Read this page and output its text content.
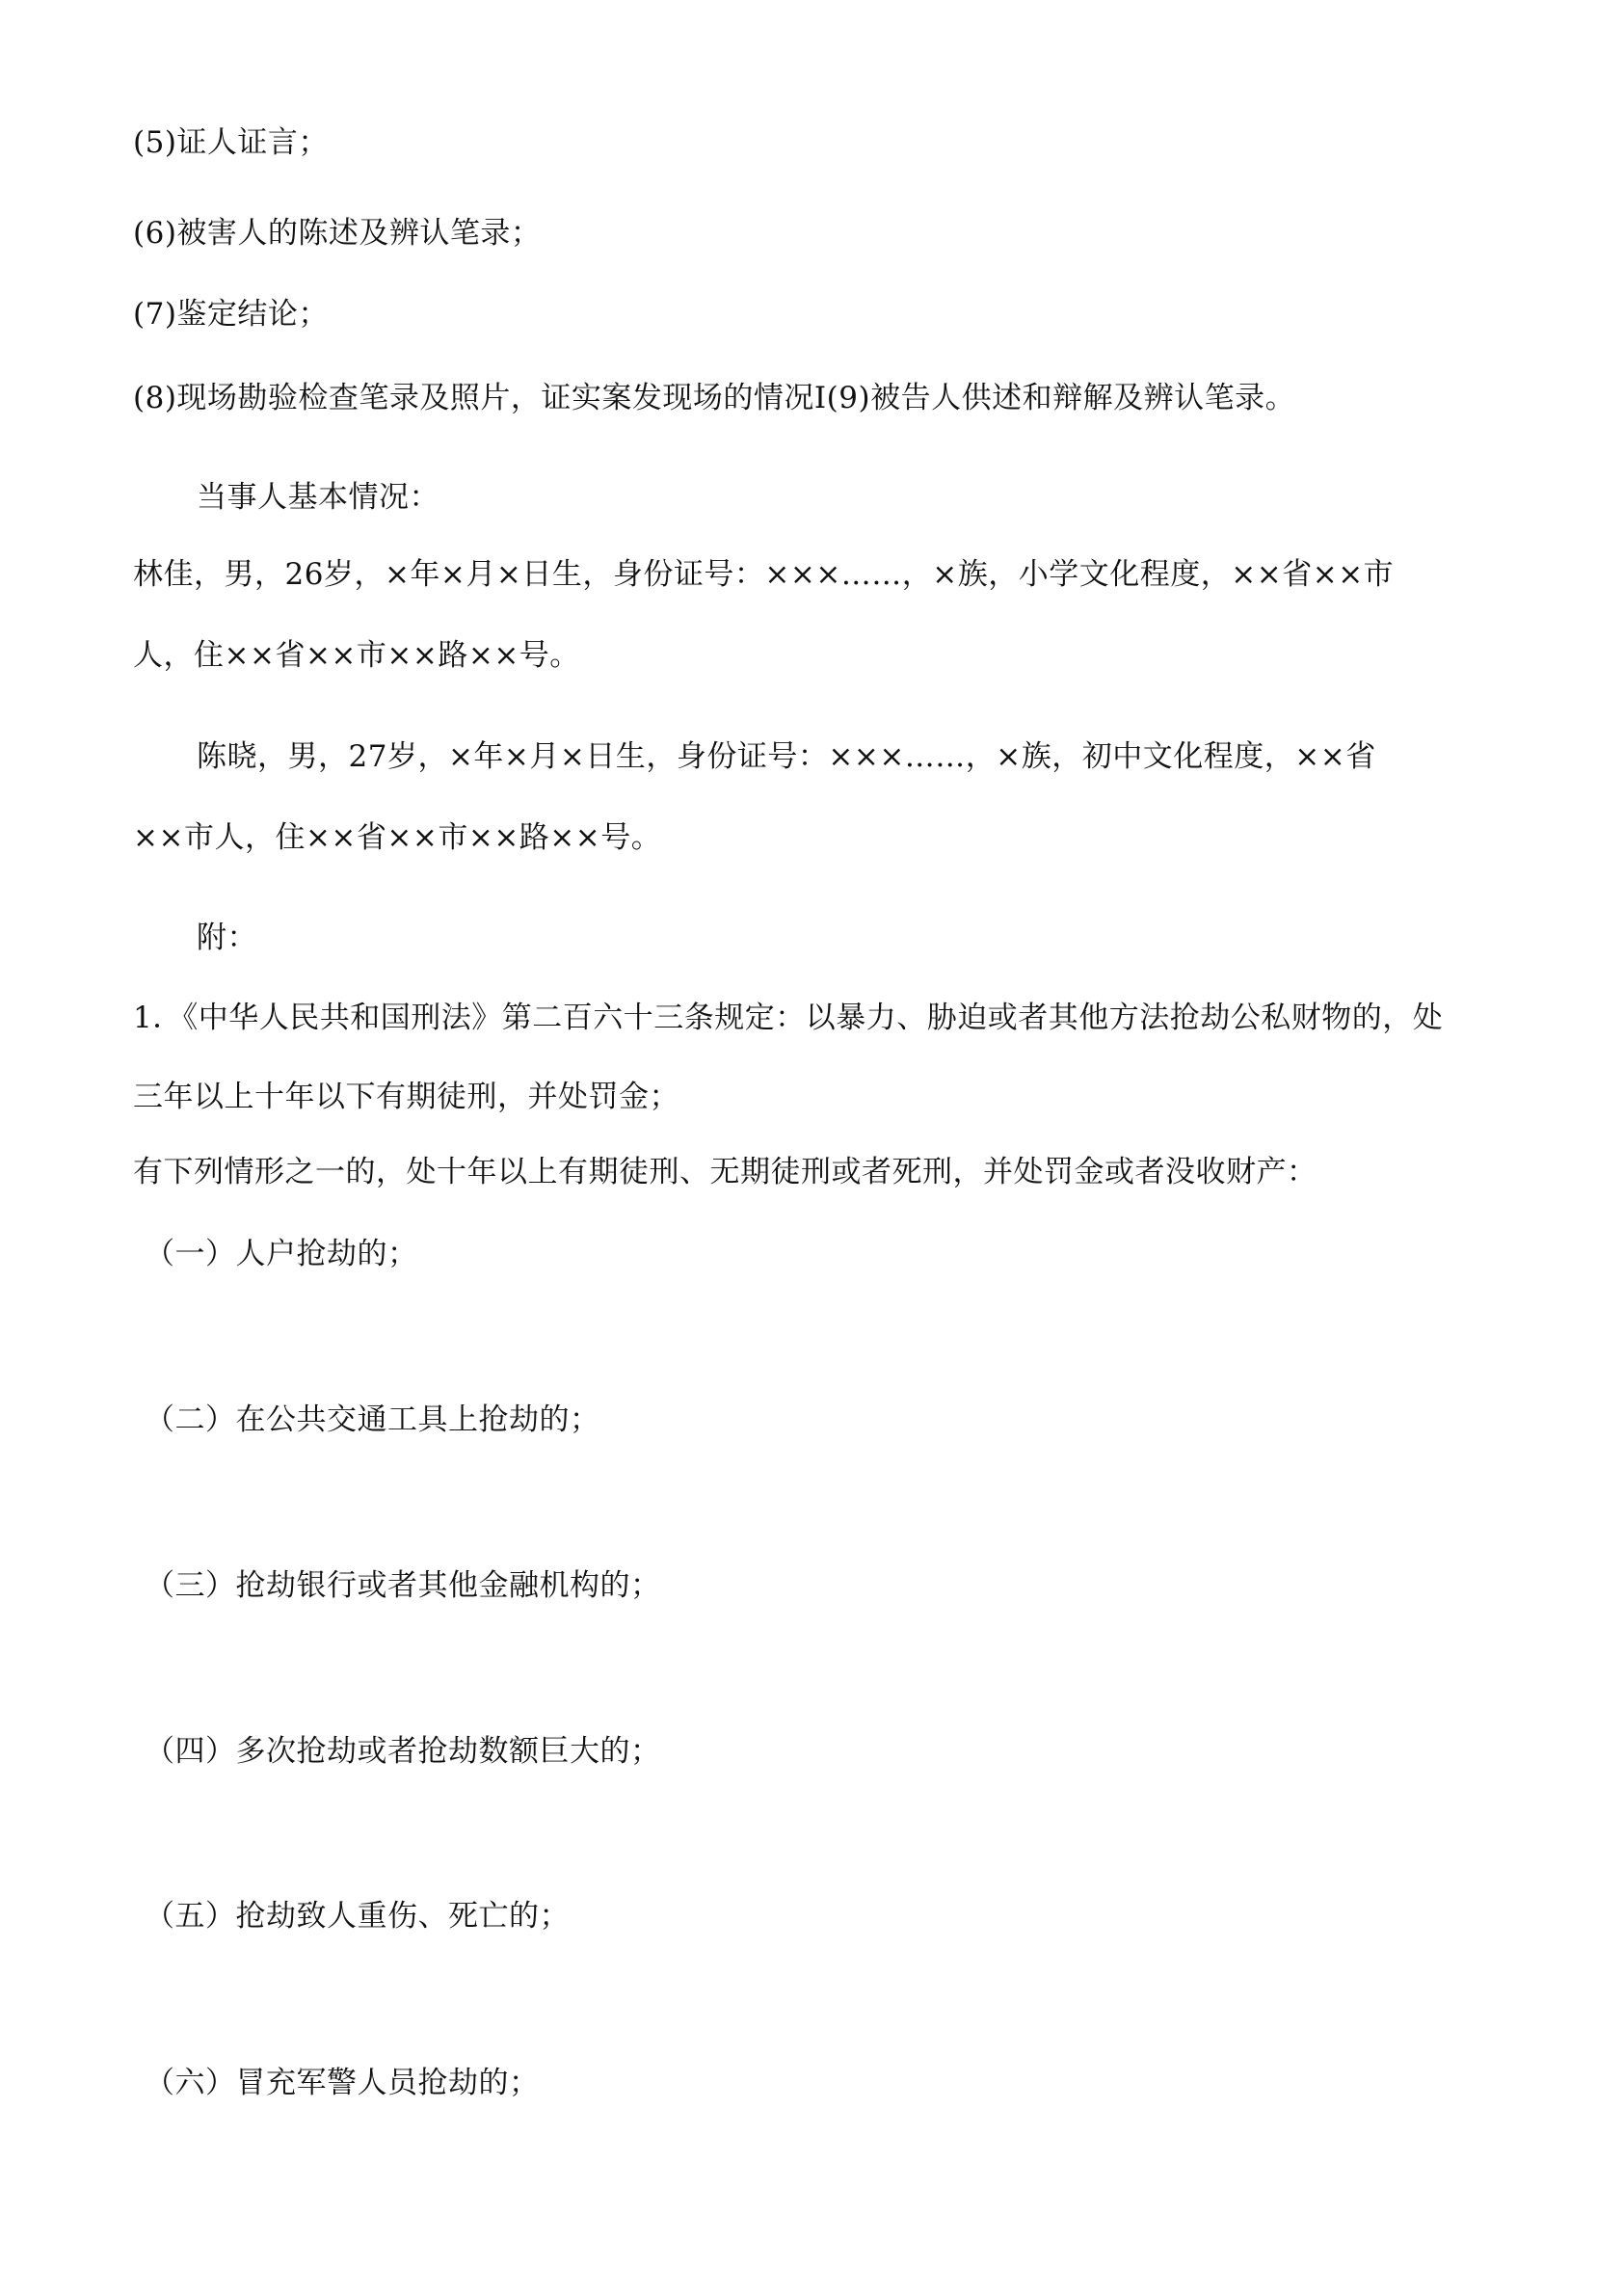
(5)证人证言；
(6)被害人的陈述及辨认笔录；
(7)鉴定结论；
(8)现场勘验检查笔录及照片，证实案发现场的情况Ⅰ(9)被告人供述和辩解及辨认笔录。
当事人基本情况：
林佳，男，26岁，×年×月×日生，身份证号：×××……，×族，小学文化程度，××省××市
人，住××省××市××路××号。
陈晓，男，27岁，×年×月×日生，身份证号：×××……，×族，初中文化程度，××省
××市人，住××省××市××路××号。
附：
1．《中华人民共和国刑法》第二百六十三条规定：以暴力、胁迫或者其他方法抢劫公私财物的，处
三年以上十年以下有期徒刑，并处罚金；
有下列情形之一的，处十年以上有期徒刑、无期徒刑或者死刑，并处罚金或者没收财产：
（一）人户抢劫的；
（二）在公共交通工具上抢劫的；
（三）抢劫银行或者其他金融机构的；
（四）多次抢劫或者抢劫数额巨大的；
（五）抢劫致人重伤、死亡的；
（六）冒充军警人员抢劫的；
